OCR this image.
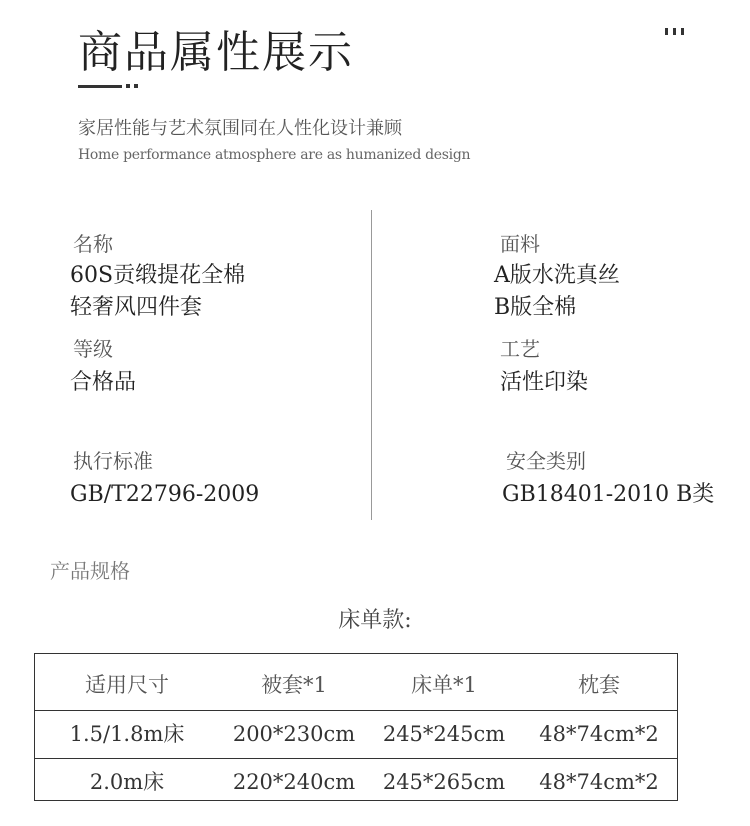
商品属性展示
家居性能与艺术氛围同在人性化设计兼顾
Home performance atmosphere are as humanized design
名称
60S贡缎提花全棉
轻奢风四件套
面料
A版水洗真丝
B版全棉
等级
合格品
工艺
活性印染
执行标准
GB/T22796-2009
安全类别
GB18401-2010 B类
产品规格
床单款:
适用尺寸	被套*1	床单*1	枕套
1.5/1.8m床	200*230cm	245*245cm	48*74cm*2
2.0m床	220*240cm	245*265cm	48*74cm*2
